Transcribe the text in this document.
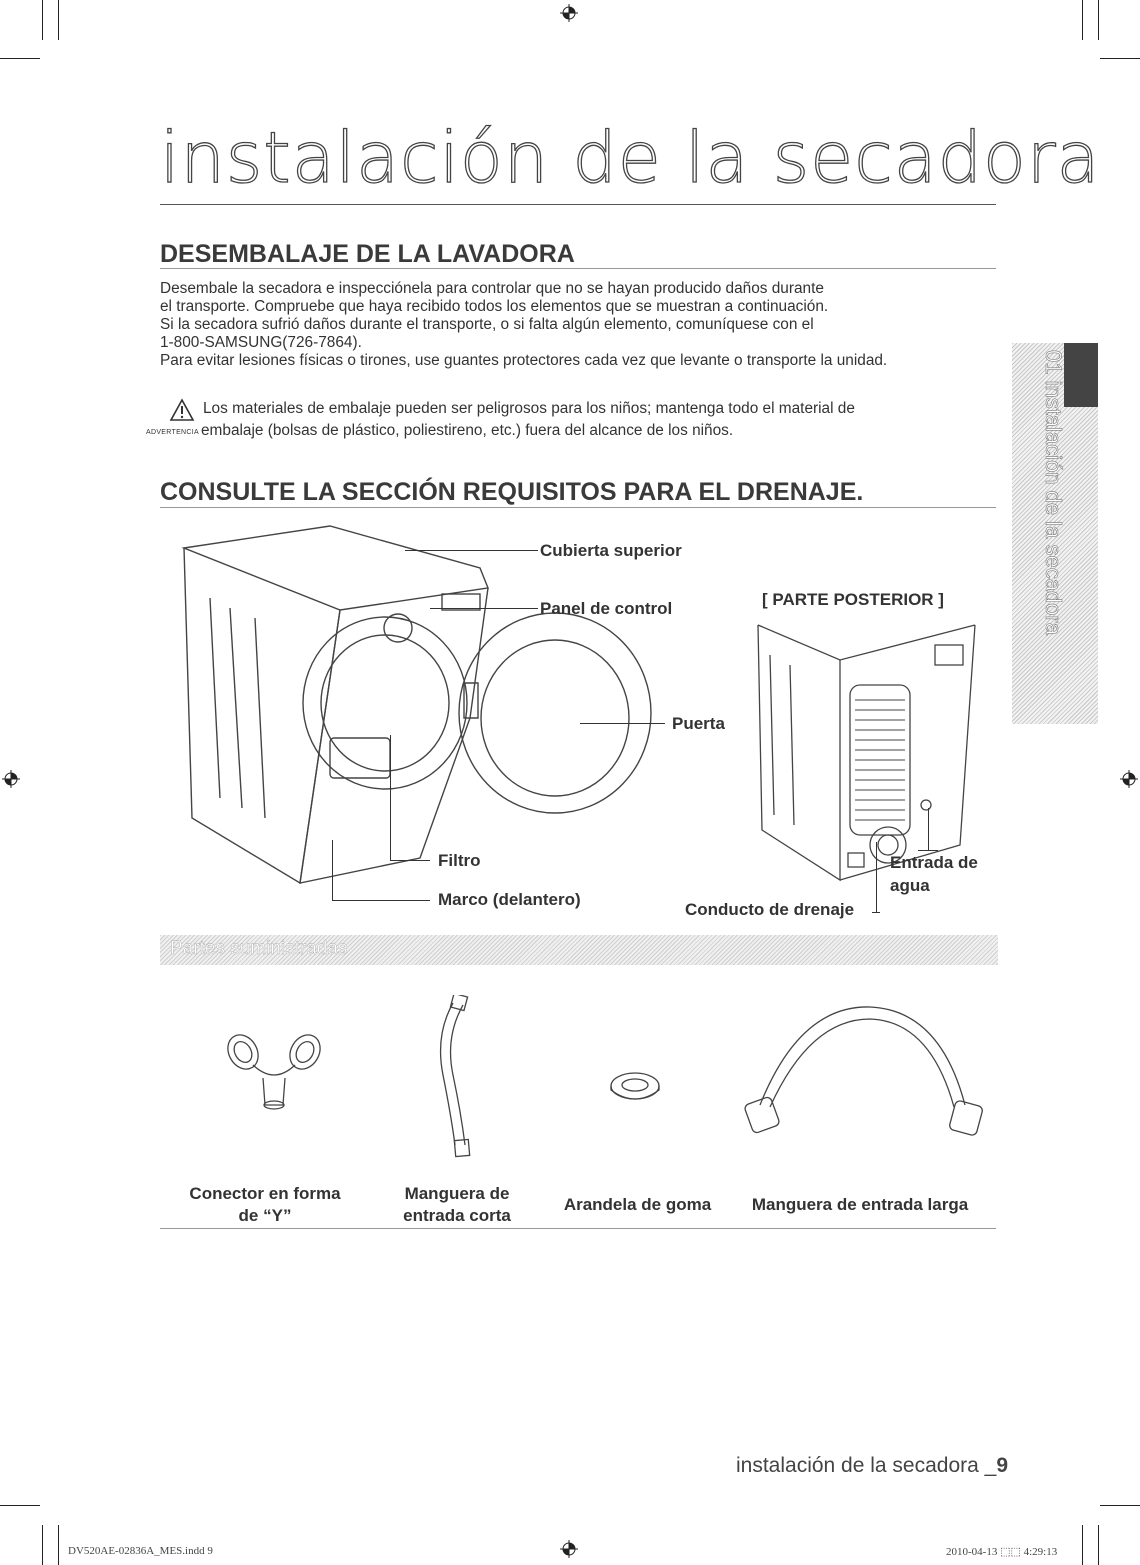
instalación de la secadora
DESEMBALAJE DE LA LAVADORA
Desembale la secadora e inspecciónela para controlar que no se hayan producido daños durante
el transporte. Compruebe que haya recibido todos los elementos que se muestran a continuación.
Si la secadora sufrió daños durante el transporte, o si falta algún elemento, comuníquese con el
1-800-SAMSUNG(726-7864).
Para evitar lesiones físicas o tirones, use guantes protectores cada vez que levante o transporte la unidad.
Los materiales de embalaje pueden ser peligrosos para los niños; mantenga todo el material de
ADVERTENCIA embalaje (bolsas de plástico, poliestireno, etc.) fuera del alcance de los niños.
CONSULTE LA SECCIÓN REQUISITOS PARA EL DRENAJE.
Cubierta superior
Panel de control
Puerta
Filtro
Marco (delantero)
[ PARTE POSTERIOR ]
Entrada de
agua
Conducto de drenaje
Partes suministradas
Conector en forma
de “Y”
Manguera de
entrada corta
Arandela de goma	Manguera de entrada larga
01 instalación de la secadora
instalación de la secadora _9
DV520AE-02836A_MES.indd 9	2010-04-13 ⬚⬚ 4:29:13
